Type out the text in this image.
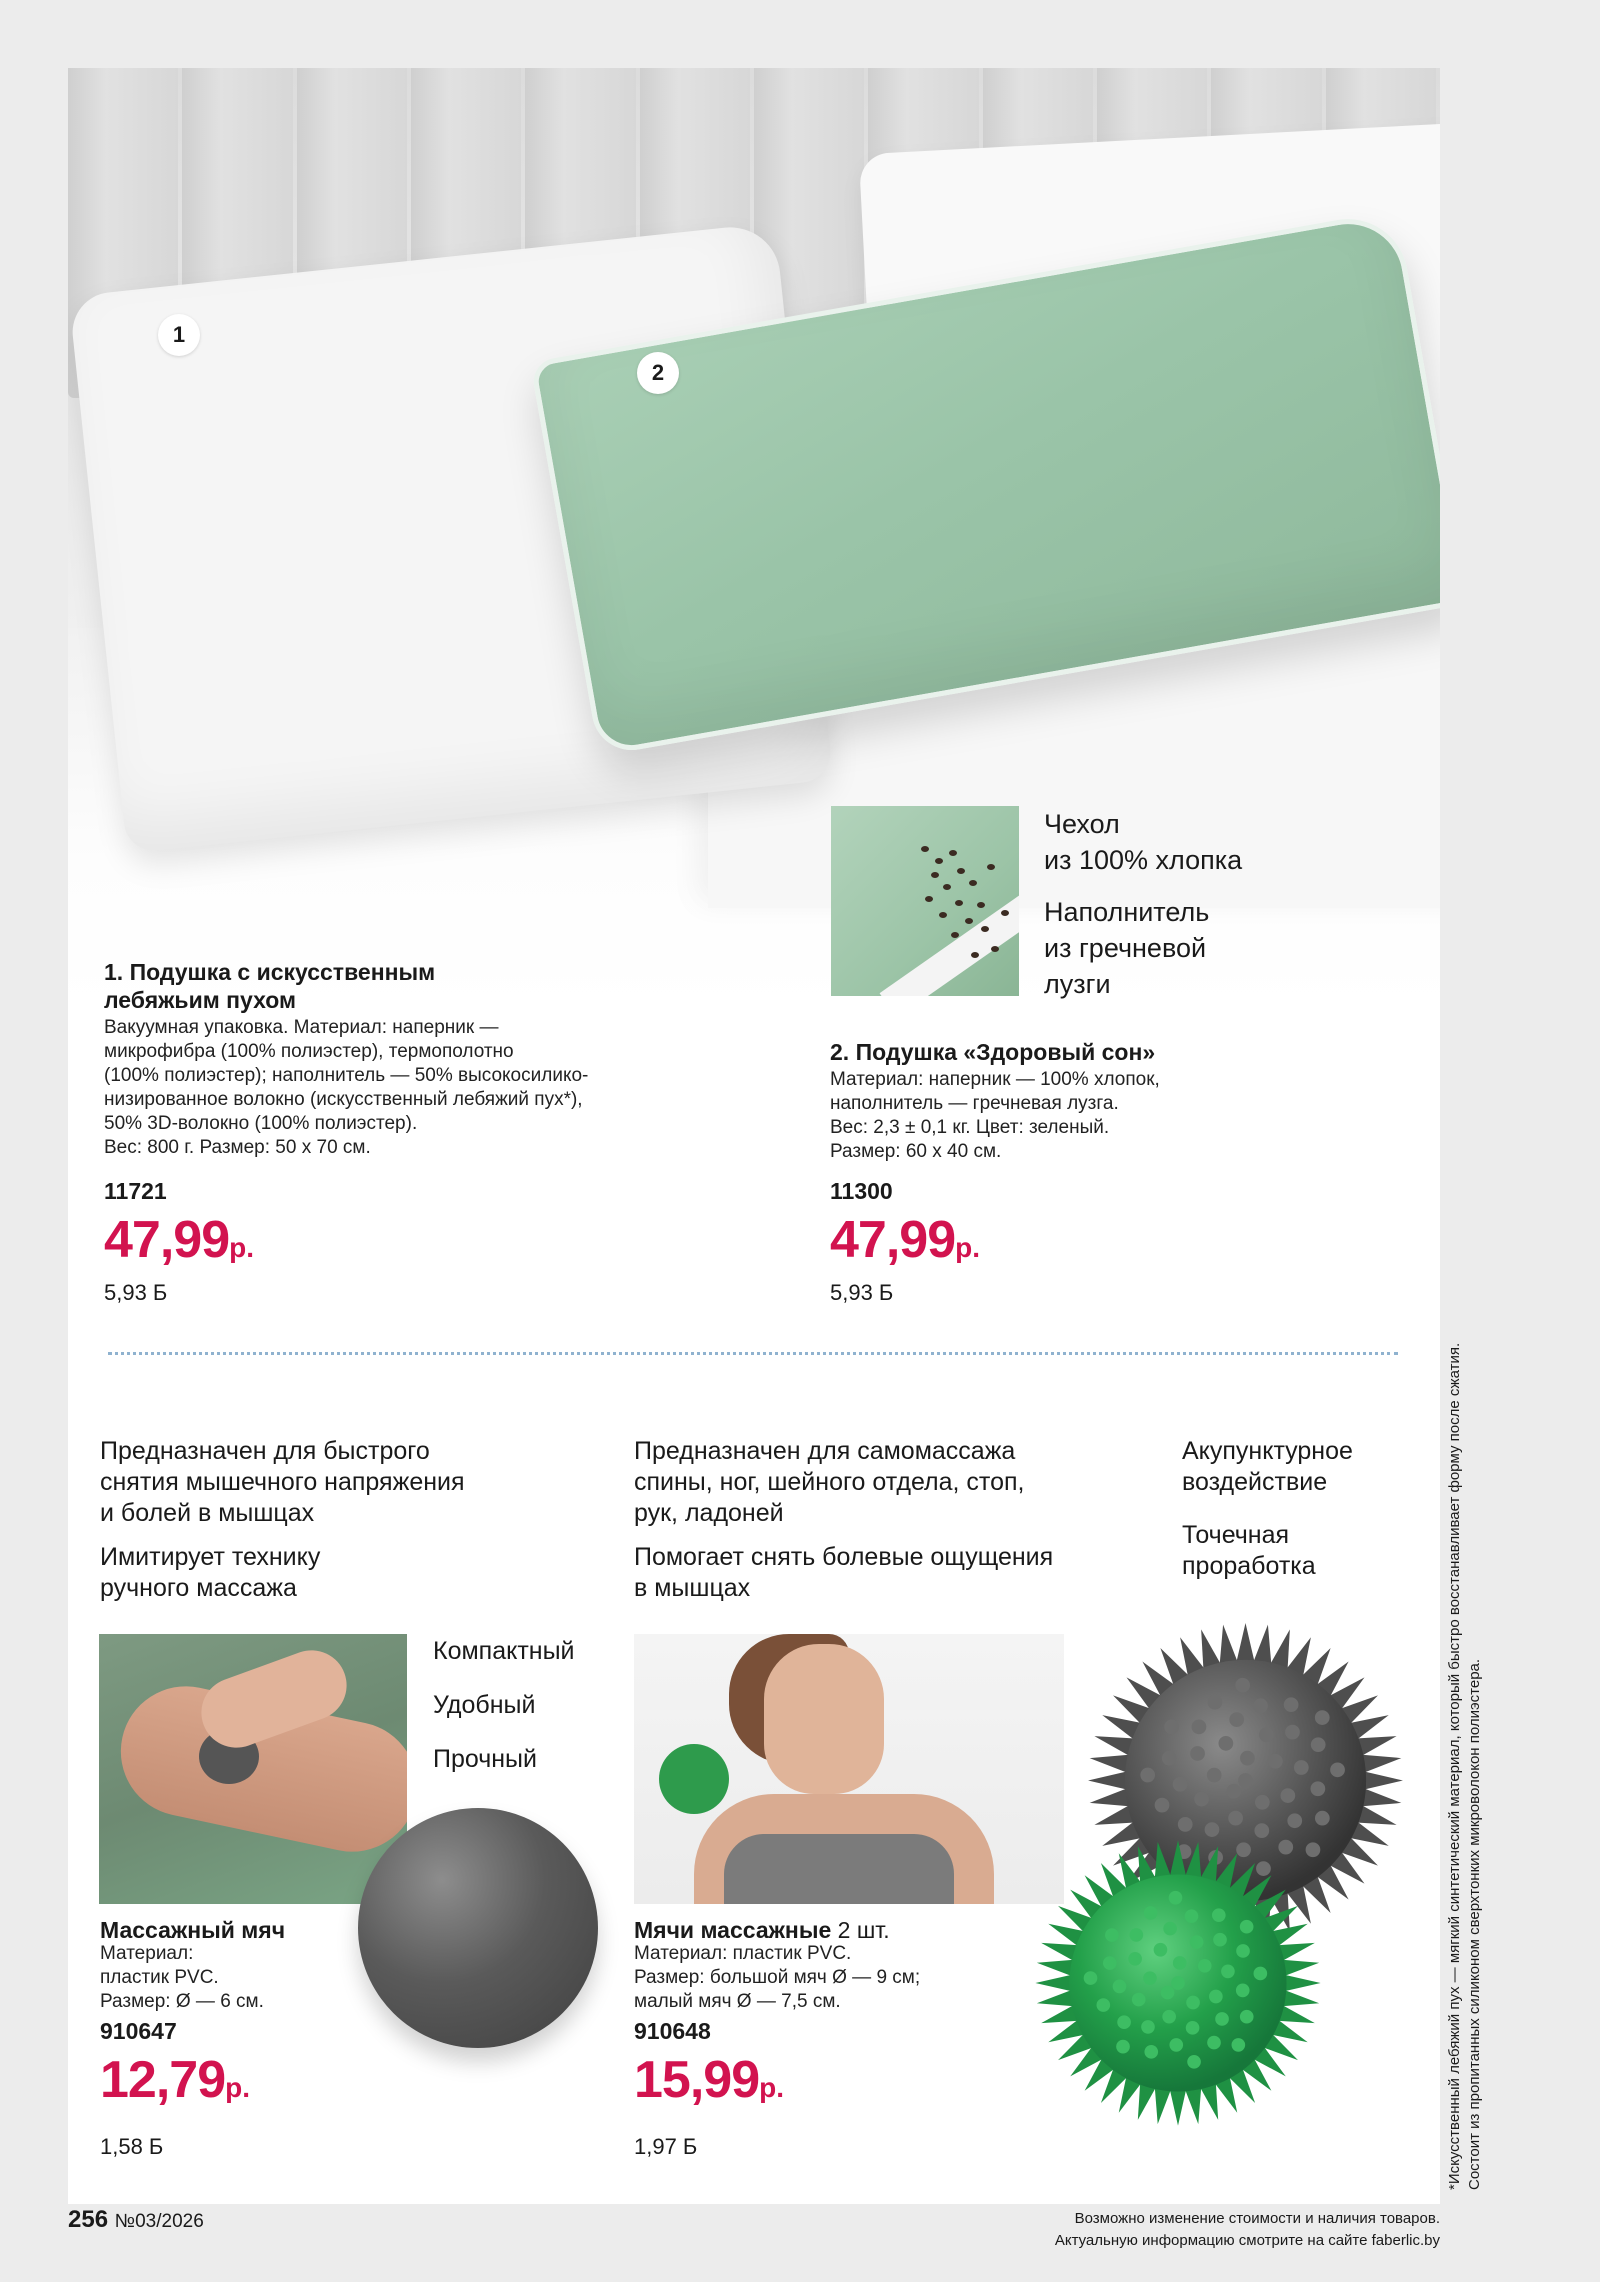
1
2
Чехол
из 100% хлопка
Наполнитель
из гречневой
лузги
1. Подушка с искусственным
лебяжьим пухом
Вакуумная упаковка. Материал: наперник —
микрофибра (100% полиэстер), термополотно
(100% полиэстер); наполнитель — 50% высокосилико-
низированное волокно (искусственный лебяжий пух*),
50% 3D-волокно (100% полиэстер).
Вес: 800 г. Размер: 50 х 70 см.
11721
47,99р.
5,93 Б
2. Подушка «Здоровый сон»
Материал: наперник — 100% хлопок,
наполнитель — гречневая лузга.
Вес: 2,3 ± 0,1 кг. Цвет: зеленый.
Размер: 60 х 40 см.
11300
47,99р.
5,93 Б
Предназначен для быстрого
снятия мышечного напряжения
и болей в мышцах
Имитирует технику
ручного массажа
Компактный
Удобный
Прочный
Массажный мяч
Материал:
пластик PVC.
Размер: Ø — 6 см.
910647
12,79р.
1,58 Б
Предназначен для самомассажа
спины, ног, шейного отдела, стоп,
рук, ладоней
Помогает снять болевые ощущения
в мышцах
Акупунктурное
воздействие
Точечная
проработка
Мячи массажные 2 шт.
Материал: пластик PVC.
Размер: большой мяч Ø — 9 см;
малый мяч Ø — 7,5 см.
910648
15,99р.
1,97 Б
256 №03/2026	Возможно изменение стоимости и наличия товаров.
Актуальную информацию смотрите на сайте faberlic.by
*Искусственный лебяжий пух — мягкий синтетический материал, который быстро восстанавливает форму после сжатия. Состоит из пропитанных силиконом сверхтонких микроволокон полиэстера.
